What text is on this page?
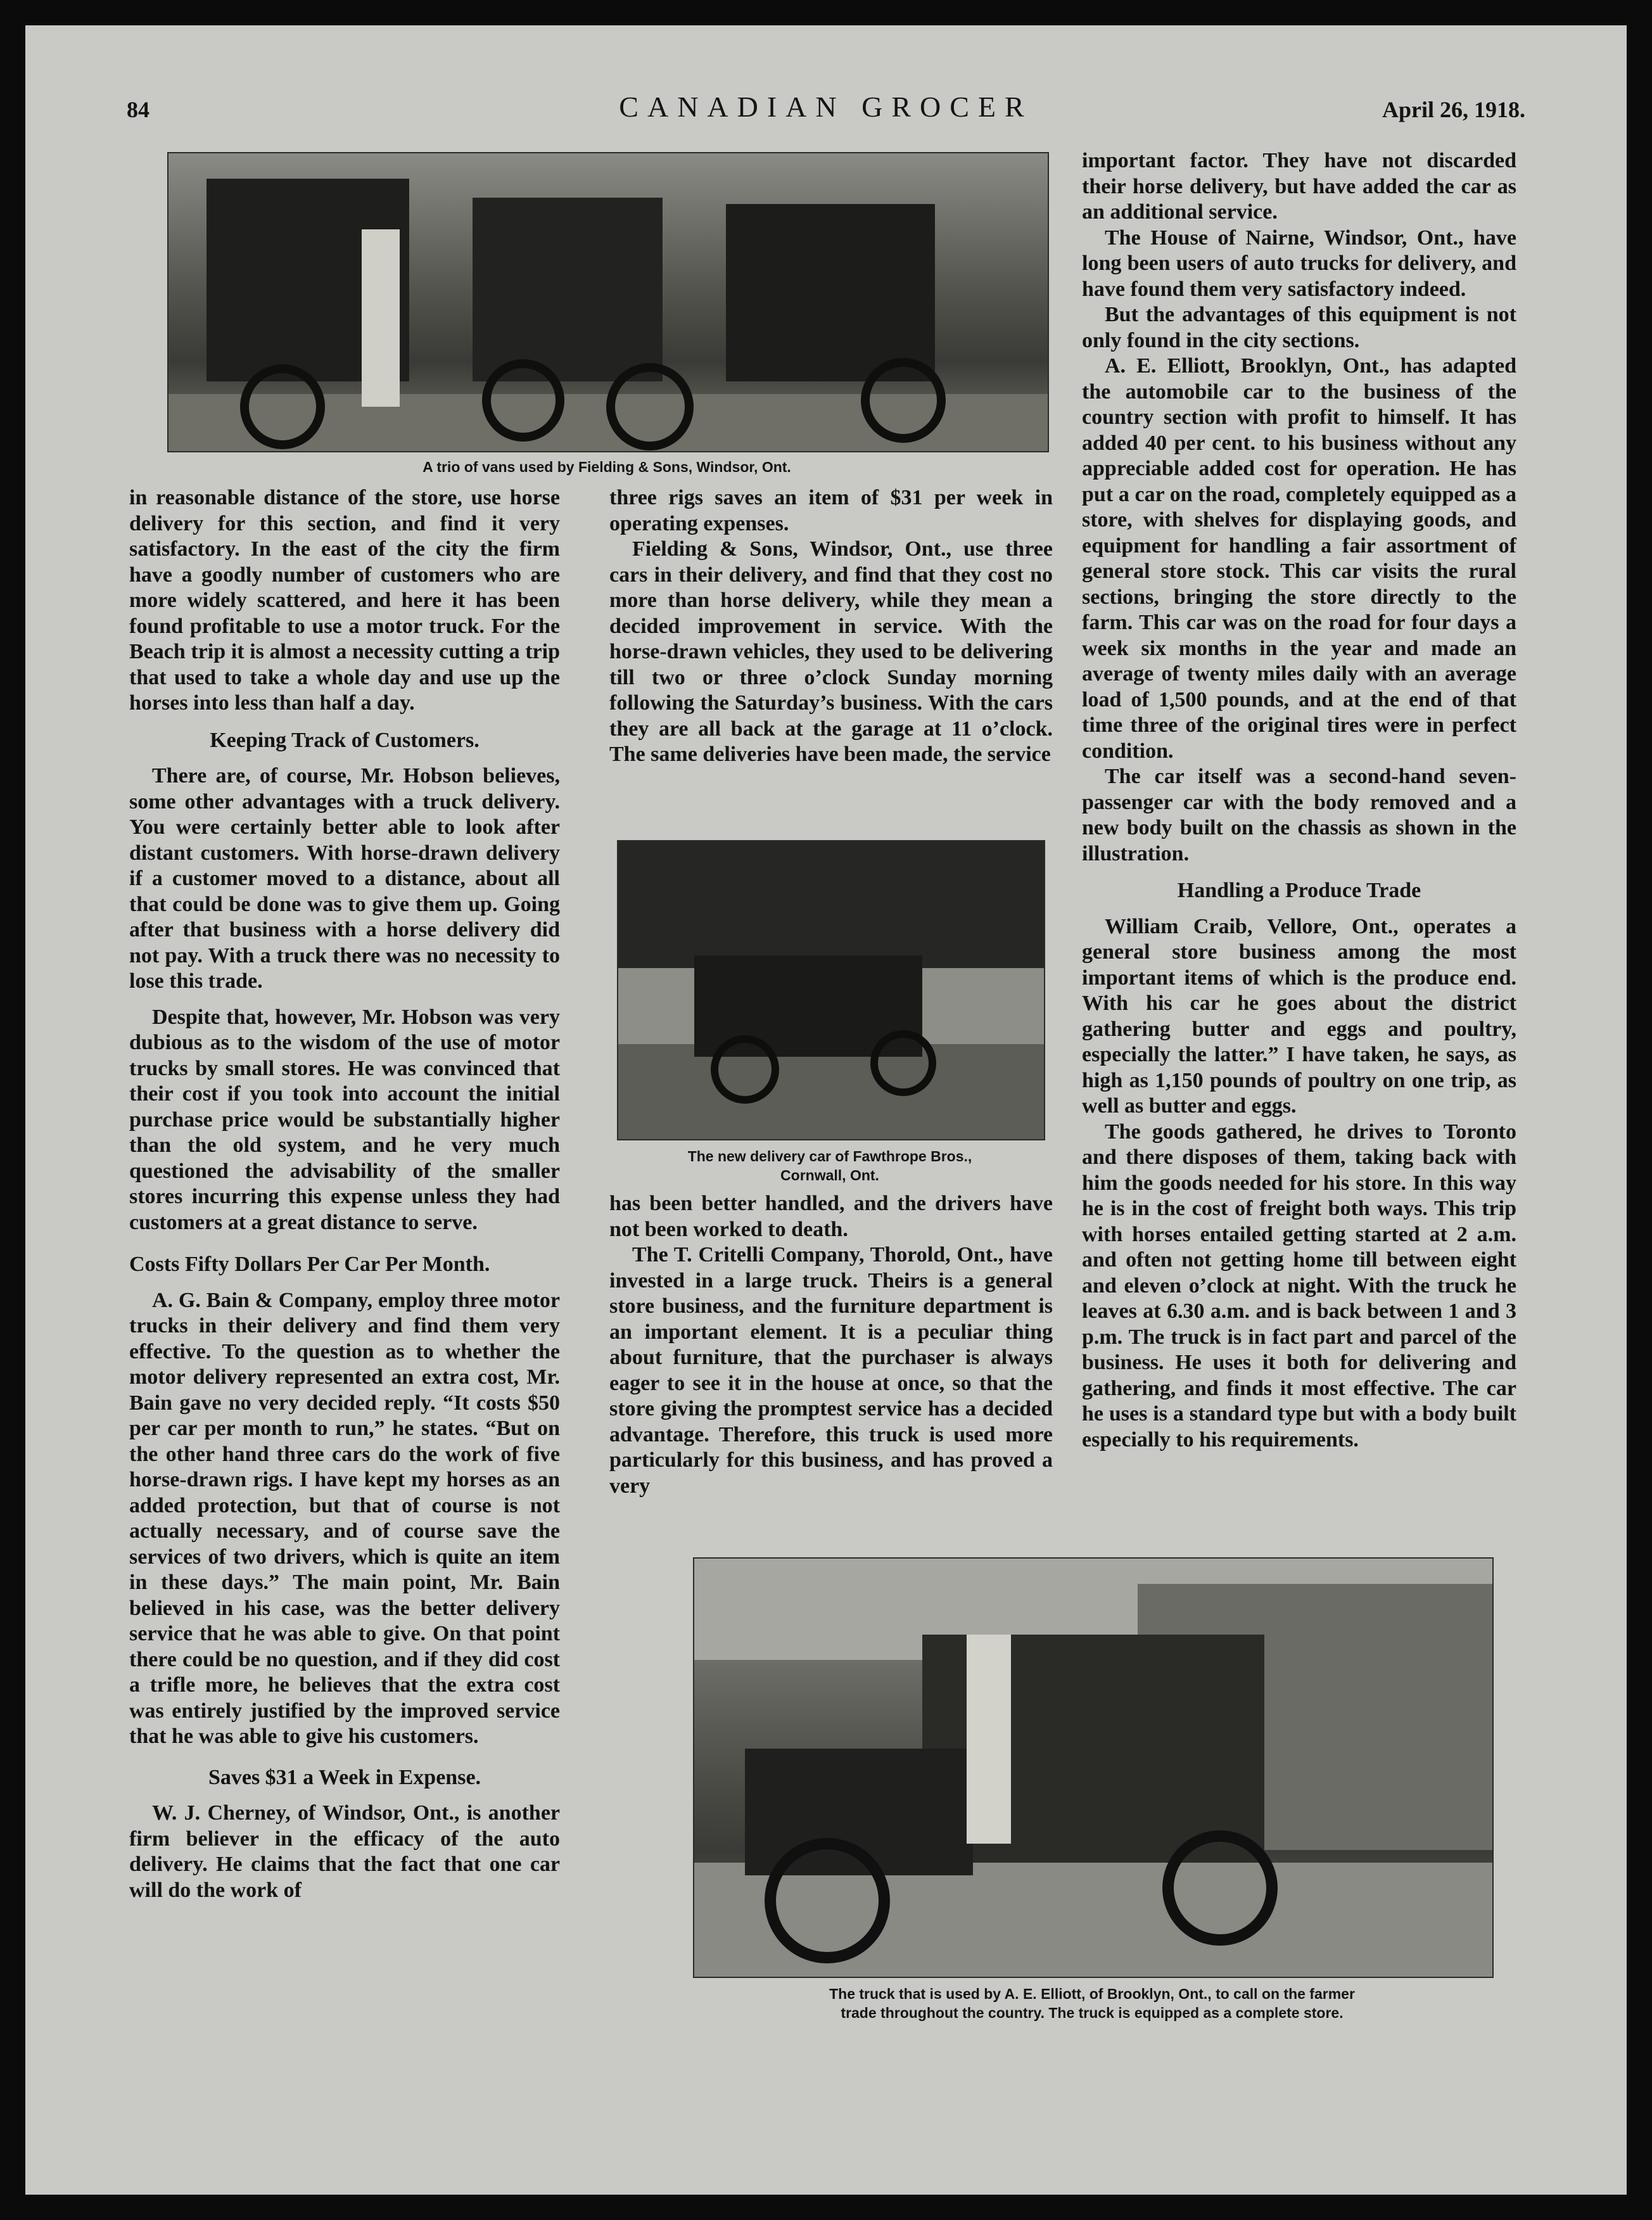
84	CANADIAN GROCER	April 26, 1918.
A trio of vans used by Fielding & Sons, Windsor, Ont.

in reasonable distance of the store, use horse delivery for this section, and find it very satisfactory. In the east of the city the firm have a goodly number of customers who are more widely scattered, and here it has been found profitable to use a motor truck. For the Beach trip it is almost a necessity cutting a trip that used to take a whole day and use up the horses into less than half a day.

Keeping Track of Customers.

There are, of course, Mr. Hobson believes, some other advantages with a truck delivery. You were certainly better able to look after distant customers. With horse-drawn delivery if a customer moved to a distance, about all that could be done was to give them up. Going after that business with a horse delivery did not pay. With a truck there was no necessity to lose this trade.

Despite that, however, Mr. Hobson was very dubious as to the wisdom of the use of motor trucks by small stores. He was convinced that their cost if you took into account the initial purchase price would be substantially higher than the old system, and he very much questioned the advisability of the smaller stores incurring this expense unless they had customers at a great distance to serve.

Costs Fifty Dollars Per Car Per Month.

A. G. Bain & Company, employ three motor trucks in their delivery and find them very effective. To the question as to whether the motor delivery represented an extra cost, Mr. Bain gave no very decided reply. “It costs $50 per car per month to run,” he states. “But on the other hand three cars do the work of five horse-drawn rigs. I have kept my horses as an added protection, but that of course is not actually necessary, and of course save the services of two drivers, which is quite an item in these days.” The main point, Mr. Bain believed in his case, was the better delivery service that he was able to give. On that point there could be no question, and if they did cost a trifle more, he believes that the extra cost was entirely justified by the improved service that he was able to give his customers.

Saves $31 a Week in Expense.

W. J. Cherney, of Windsor, Ont., is another firm believer in the efficacy of the auto delivery. He claims that the fact that one car will do the work of

three rigs saves an item of $31 per week in operating expenses.

Fielding & Sons, Windsor, Ont., use three cars in their delivery, and find that they cost no more than horse delivery, while they mean a decided improvement in service. With the horse-drawn vehicles, they used to be delivering till two or three o’clock Sunday morning following the Saturday’s business. With the cars they are all back at the garage at 11 o’clock. The same deliveries have been made, the service

The new delivery car of Fawthrope Bros.,
Cornwall, Ont.

has been better handled, and the drivers have not been worked to death.

The T. Critelli Company, Thorold, Ont., have invested in a large truck. Theirs is a general store business, and the furniture department is an important element. It is a peculiar thing about furniture, that the purchaser is always eager to see it in the house at once, so that the store giving the promptest service has a decided advantage. Therefore, this truck is used more particularly for this business, and has proved a very

important factor. They have not discarded their horse delivery, but have added the car as an additional service.

The House of Nairne, Windsor, Ont., have long been users of auto trucks for delivery, and have found them very satisfactory indeed.

But the advantages of this equipment is not only found in the city sections.

A. E. Elliott, Brooklyn, Ont., has adapted the automobile car to the business of the country section with profit to himself. It has added 40 per cent. to his business without any appreciable added cost for operation. He has put a car on the road, completely equipped as a store, with shelves for displaying goods, and equipment for handling a fair assortment of general store stock. This car visits the rural sections, bringing the store directly to the farm. This car was on the road for four days a week six months in the year and made an average of twenty miles daily with an average load of 1,500 pounds, and at the end of that time three of the original tires were in perfect condition.

The car itself was a second-hand seven-passenger car with the body removed and a new body built on the chassis as shown in the illustration.

Handling a Produce Trade

William Craib, Vellore, Ont., operates a general store business among the most important items of which is the produce end. With his car he goes about the district gathering butter and eggs and poultry, especially the latter.” I have taken, he says, as high as 1,150 pounds of poultry on one trip, as well as butter and eggs.

The goods gathered, he drives to Toronto and there disposes of them, taking back with him the goods needed for his store. In this way he is in the cost of freight both ways. This trip with horses entailed getting started at 2 a.m. and often not getting home till between eight and eleven o’clock at night. With the truck he leaves at 6.30 a.m. and is back between 1 and 3 p.m. The truck is in fact part and parcel of the business. He uses it both for delivering and gathering, and finds it most effective. The car he uses is a standard type but with a body built especially to his requirements.

The truck that is used by A. E. Elliott, of Brooklyn, Ont., to call on the farmer
trade throughout the country. The truck is equipped as a complete store.
